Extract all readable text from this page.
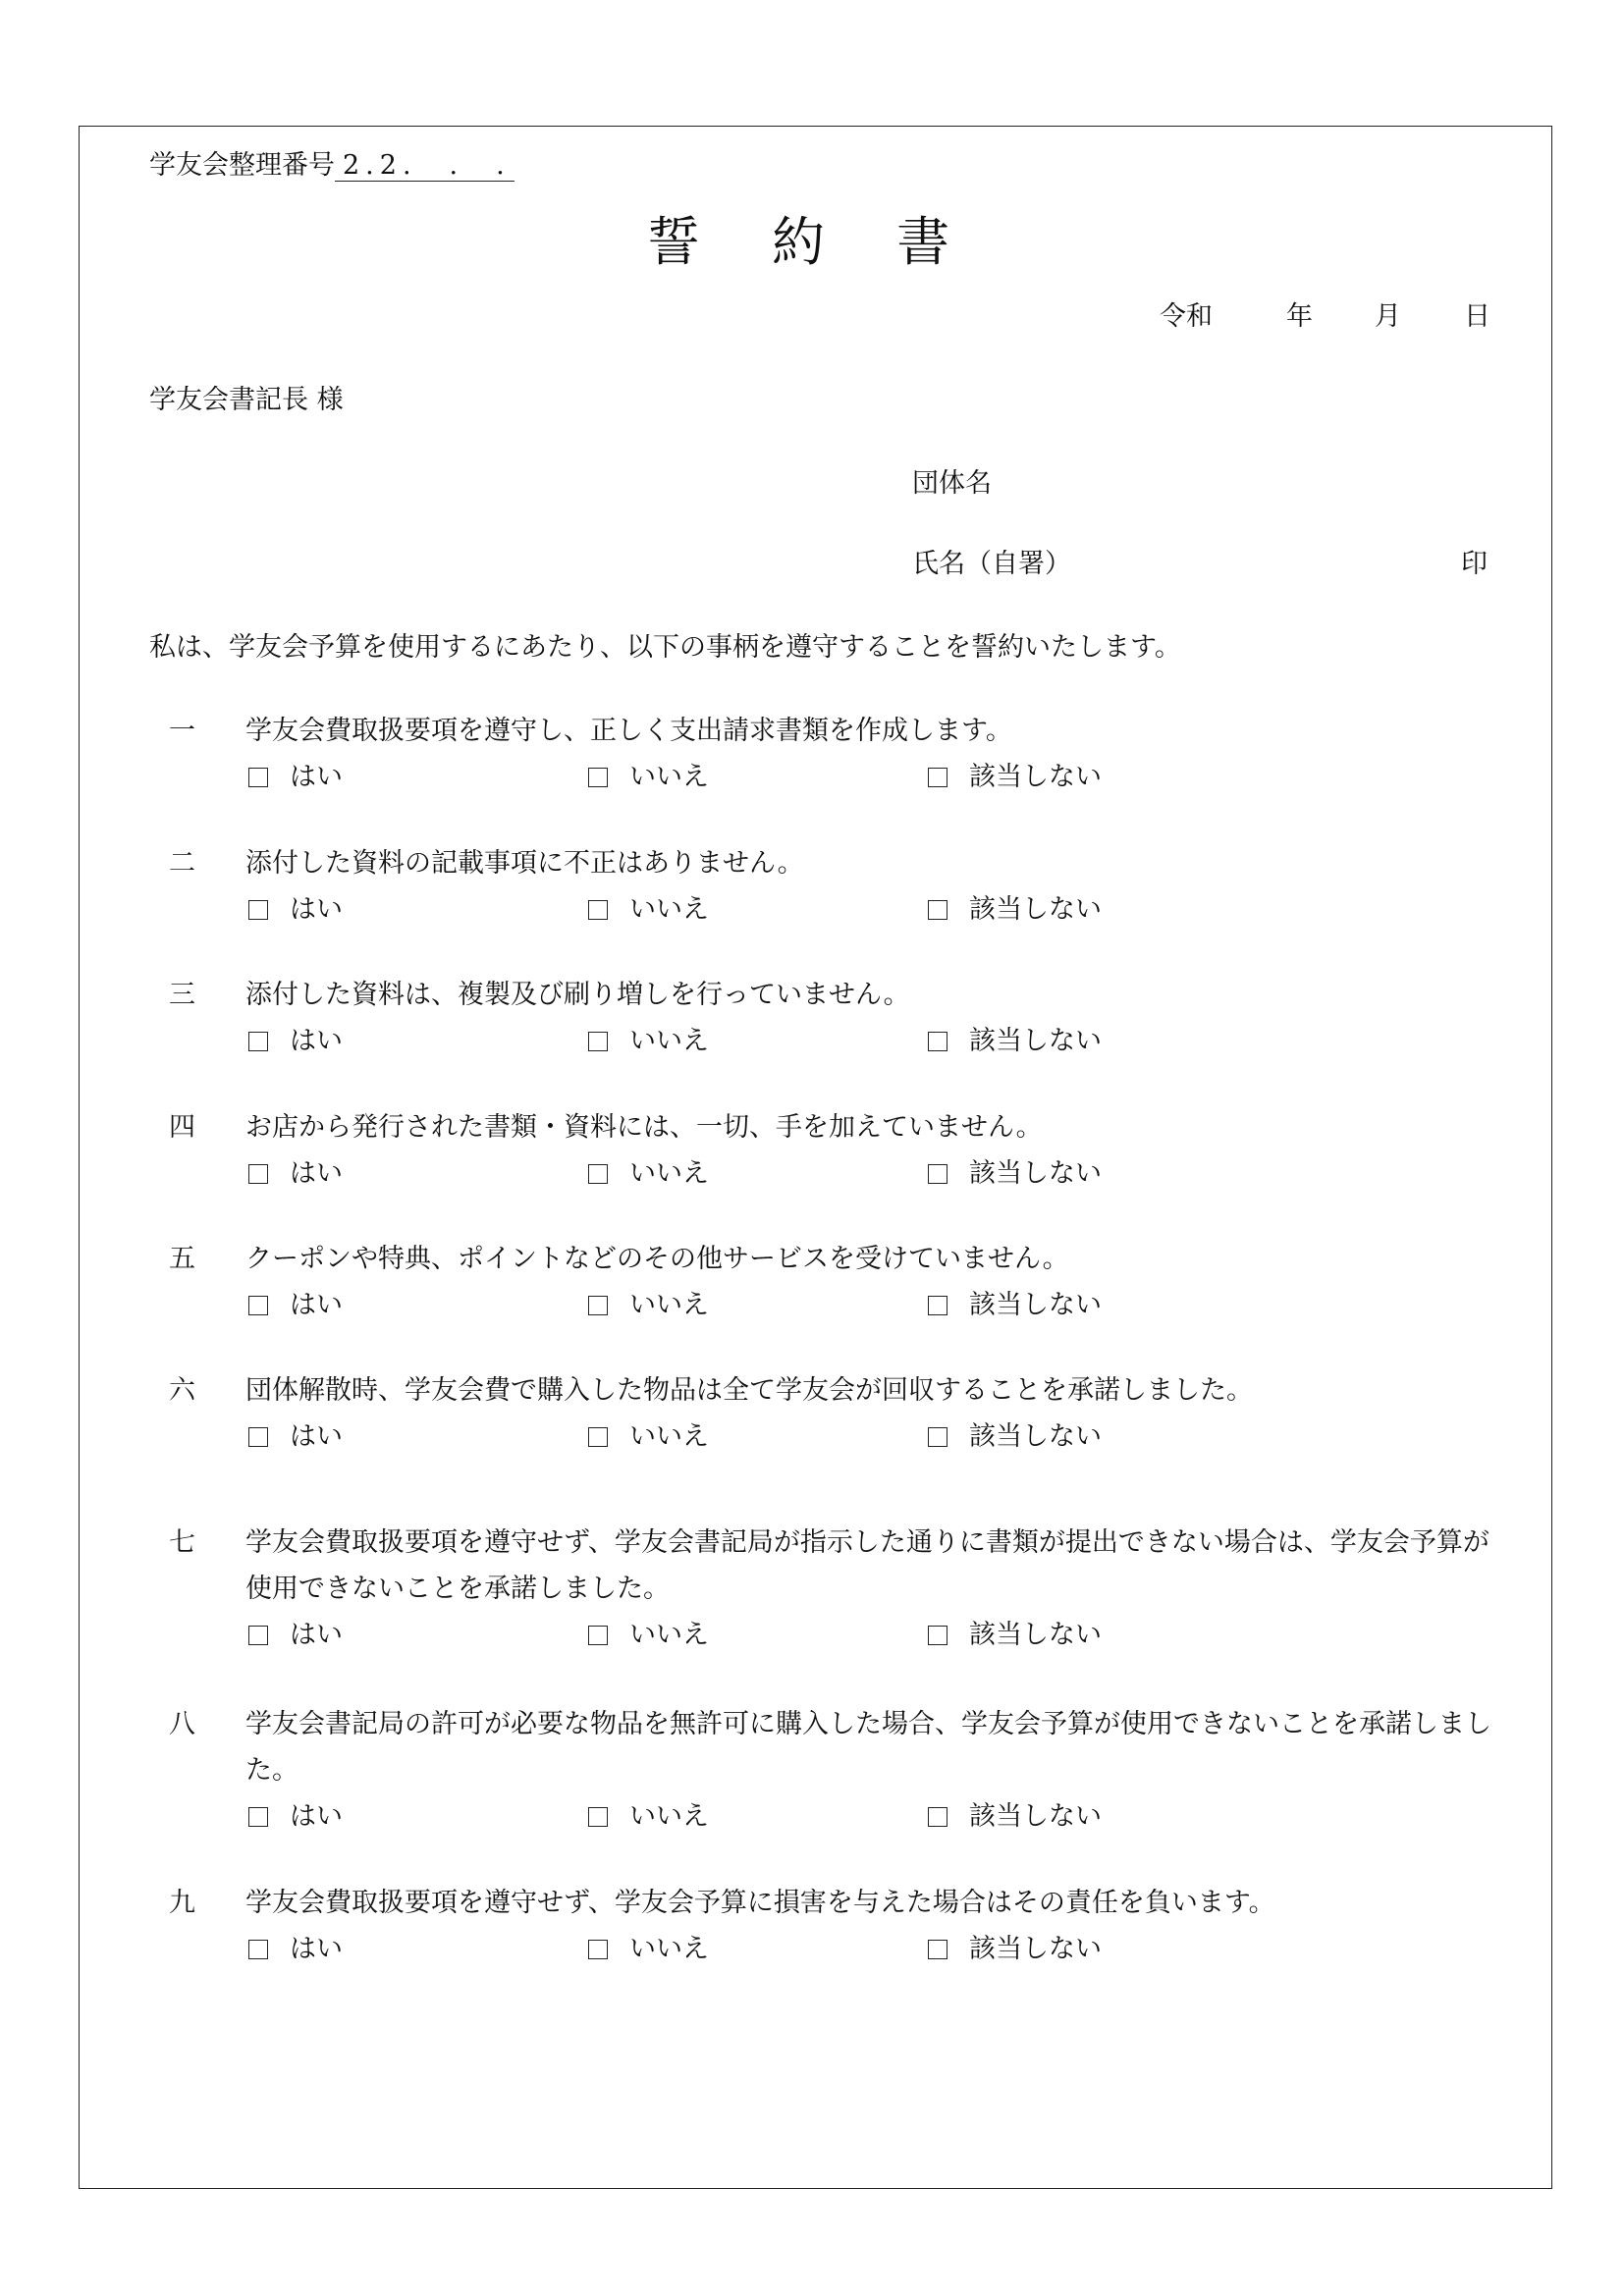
学友会整理番号 2.2.　.　.
誓 約 書
令和	年 月 日
学友会書記長 様
団体名
氏名（自署）	印
私は、学友会予算を使用するにあたり、以下の事柄を遵守することを誓約いたします。
一 学友会費取扱要項を遵守し、正しく支出請求書類を作成します。
はい	いいえ	該当しない
二 添付した資料の記載事項に不正はありません。
はい	いいえ	該当しない
三 添付した資料は、複製及び刷り増しを行っていません。
はい	いいえ	該当しない
四 お店から発行された書類・資料には、一切、手を加えていません。
はい	いいえ	該当しない
五 クーポンや特典、ポイントなどのその他サービスを受けていません。
はい	いいえ	該当しない
六 団体解散時、学友会費で購入した物品は全て学友会が回収することを承諾しました。
はい	いいえ	該当しない
七 学友会費取扱要項を遵守せず、学友会書記局が指示した通りに書類が提出できない場合は、学友会予算が使用できないことを承諾しました。
はい	いいえ	該当しない
八 学友会書記局の許可が必要な物品を無許可に購入した場合、学友会予算が使用できないことを承諾しました。
はい	いいえ	該当しない
九 学友会費取扱要項を遵守せず、学友会予算に損害を与えた場合はその責任を負います。
はい	いいえ	該当しない
